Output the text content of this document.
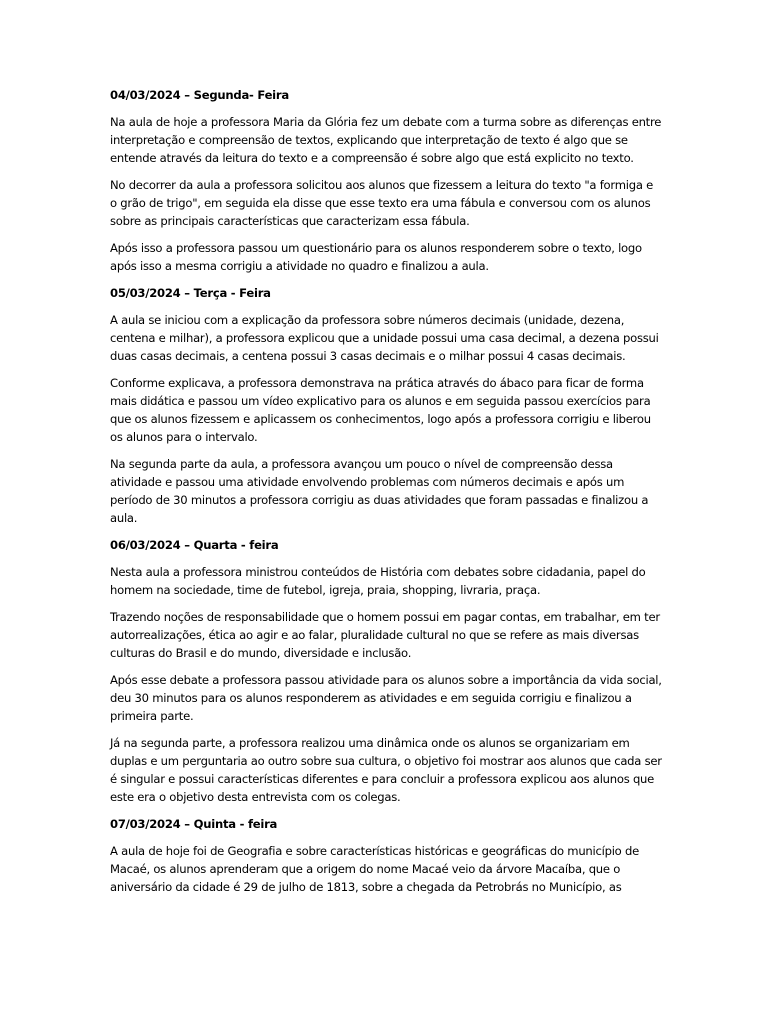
04/03/2024 – Segunda- Feira
Na aula de hoje a professora Maria da Glória fez um debate com a turma sobre as diferenças entre interpretação e compreensão de textos, explicando que interpretação de texto é algo que se entende através da leitura do texto e a compreensão é sobre algo que está explicito no texto.
No decorrer da aula a professora solicitou aos alunos que fizessem a leitura do texto "a formiga e o grão de trigo", em seguida ela disse que esse texto era uma fábula e conversou com os alunos sobre as principais características que caracterizam essa fábula.
Após isso a professora passou um questionário para os alunos responderem sobre o texto, logo após isso a mesma corrigiu a atividade no quadro e finalizou a aula.
05/03/2024 – Terça - Feira
A aula se iniciou com a explicação da professora sobre números decimais (unidade, dezena, centena e milhar), a professora explicou que a unidade possui uma casa decimal, a dezena possui duas casas decimais, a centena possui 3 casas decimais e o milhar possui 4 casas decimais.
Conforme explicava, a professora demonstrava na prática através do ábaco para ficar de forma mais didática e passou um vídeo explicativo para os alunos e em seguida passou exercícios para que os alunos fizessem e aplicassem os conhecimentos, logo após a professora corrigiu e liberou os alunos para o intervalo.
Na segunda parte da aula, a professora avançou um pouco o nível de compreensão dessa atividade e passou uma atividade envolvendo problemas com números decimais e após um período de 30 minutos a professora corrigiu as duas atividades que foram passadas e finalizou a aula.
06/03/2024 – Quarta - feira
Nesta aula a professora ministrou conteúdos de História com debates sobre cidadania, papel do homem na sociedade, time de futebol, igreja, praia, shopping, livraria, praça.
Trazendo noções de responsabilidade que o homem possui em pagar contas, em trabalhar, em ter autorrealizações, ética ao agir e ao falar, pluralidade cultural no que se refere as mais diversas culturas do Brasil e do mundo, diversidade e inclusão.
Após esse debate a professora passou atividade para os alunos sobre a importância da vida social, deu 30 minutos para os alunos responderem as atividades e em seguida corrigiu e finalizou a primeira parte.
Já na segunda parte, a professora realizou uma dinâmica onde os alunos se organizariam em duplas e um perguntaria ao outro sobre sua cultura, o objetivo foi mostrar aos alunos que cada ser é singular e possui características diferentes e para concluir a professora explicou aos alunos que este era o objetivo desta entrevista com os colegas.
07/03/2024 – Quinta - feira
A aula de hoje foi de Geografia e sobre características históricas e geográficas do município de Macaé, os alunos aprenderam que a origem do nome Macaé veio da árvore Macaíba, que o aniversário da cidade é 29 de julho de 1813, sobre a chegada da Petrobrás no Município, as
